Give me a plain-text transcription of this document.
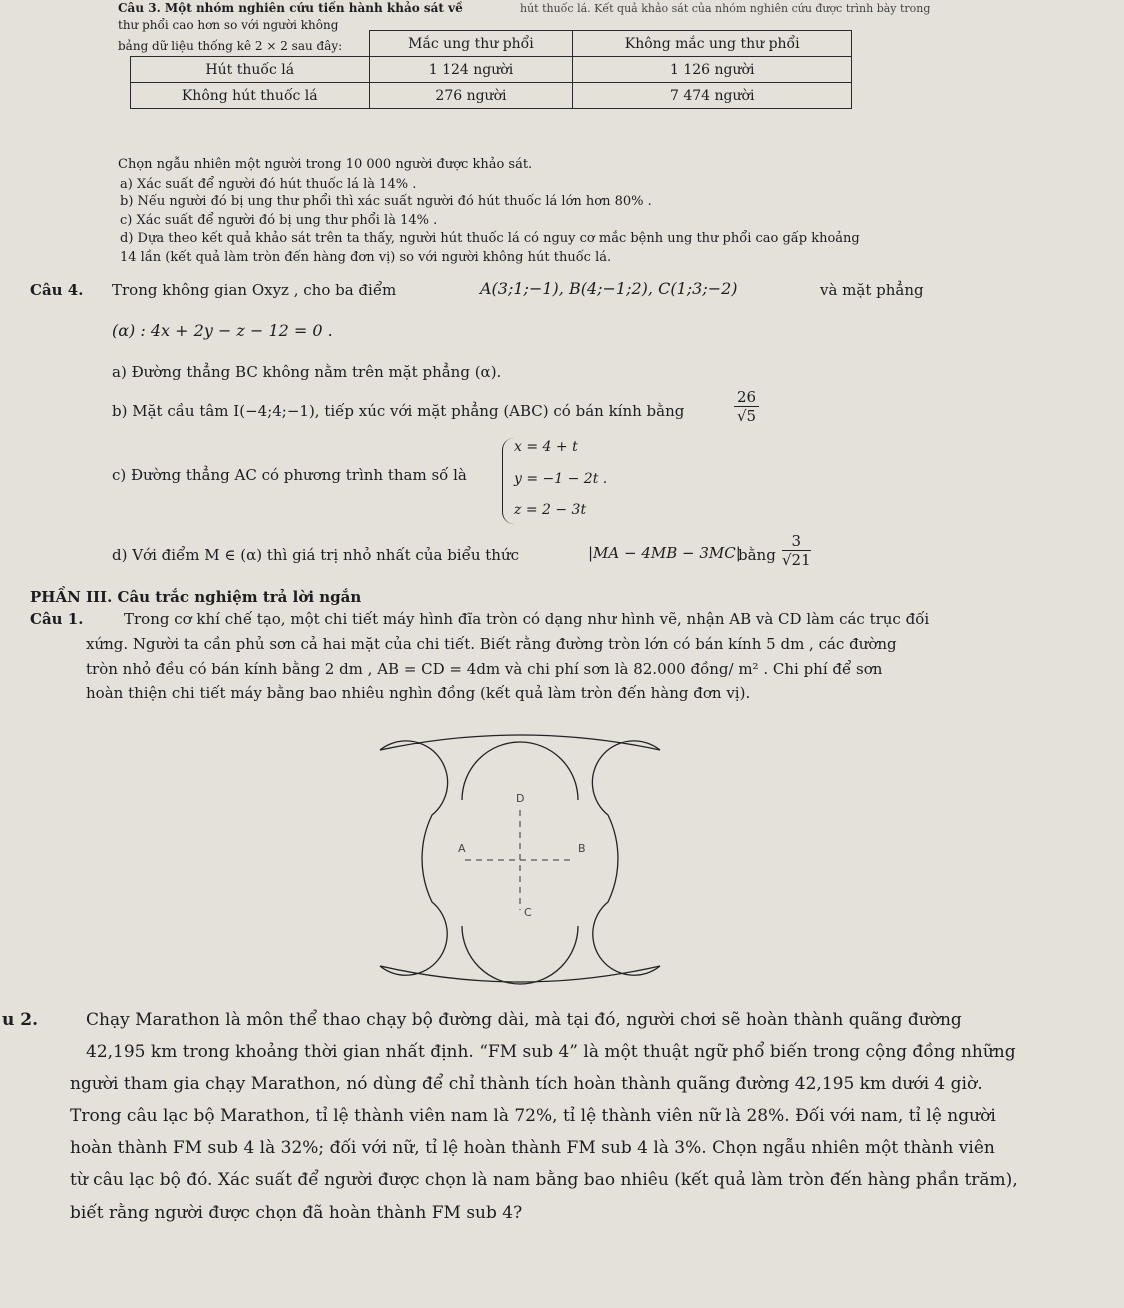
Câu 3. Một nhóm nghiên cứu tiến hành khảo sát về	hút thuốc lá. Kết quả khảo sát của nhóm nghiên cứu được trình bày trong
thư phổi cao hơn so với người không
bảng dữ liệu thống kê 2 × 2 sau đây:
		Mắc ung thư phổi	Không mắc ung thư phổi
Hút thuốc lá	1 124 người	1 126 người
Không hút thuốc lá	276 người	7 474 người
Chọn ngẫu nhiên một người trong 10 000 người được khảo sát.
a) Xác suất để người đó hút thuốc lá là 14% .
b) Nếu người đó bị ung thư phổi thì xác suất người đó hút thuốc lá lớn hơn 80% .
c) Xác suất để người đó bị ung thư phổi là 14% .
d) Dựa theo kết quả khảo sát trên ta thấy, người hút thuốc lá có nguy cơ mắc bệnh ung thư phổi cao gấp khoảng
14 lần (kết quả làm tròn đến hàng đơn vị) so với người không hút thuốc lá.
Câu 4. Trong không gian Oxyz , cho ba điểm	A(3;1;−1), B(4;−1;2), C(1;3;−2)	và mặt phẳng
(α) : 4x + 2y − z − 12 = 0 .
a) Đường thẳng BC không nằm trên mặt phẳng (α).
b) Mặt cầu tâm I(−4;4;−1), tiếp xúc với mặt phẳng (ABC) có bán kính bằng	$\frac{26}{√5}$
c) Đường thẳng AC có phương trình tham số là
x = 4 + t
y = −1 − 2t .
z = 2 − 3t
d) Với điểm M ∈ (α) thì giá trị nhỏ nhất của biểu thức	|MA − 4MB − 3MC|
bằng $\frac{3}{√21}$
PHẦN III. Câu trắc nghiệm trả lời ngắn
Câu 1.	Trong cơ khí chế tạo, một chi tiết máy hình đĩa tròn có dạng như hình vẽ, nhận AB và CD làm các trục đối
xứng. Người ta cần phủ sơn cả hai mặt của chi tiết. Biết rằng đường tròn lớn có bán kính 5 dm , các đường
tròn nhỏ đều có bán kính bằng 2 dm , AB = CD = 4dm và chi phí sơn là 82.000 đồng/ m² . Chi phí để sơn
hoàn thiện chi tiết máy bằng bao nhiêu nghìn đồng (kết quả làm tròn đến hàng đơn vị).
D
A	B
C
u 2.	Chạy Marathon là môn thể thao chạy bộ đường dài, mà tại đó, người chơi sẽ hoàn thành quãng đường
42,195 km trong khoảng thời gian nhất định. “FM sub 4” là một thuật ngữ phổ biến trong cộng đồng những
người tham gia chạy Marathon, nó dùng để chỉ thành tích hoàn thành quãng đường 42,195 km dưới 4 giờ.
Trong câu lạc bộ Marathon, tỉ lệ thành viên nam là 72%, tỉ lệ thành viên nữ là 28%. Đối với nam, tỉ lệ người
hoàn thành FM sub 4 là 32%; đối với nữ, tỉ lệ hoàn thành FM sub 4 là 3%. Chọn ngẫu nhiên một thành viên
từ câu lạc bộ đó. Xác suất để người được chọn là nam bằng bao nhiêu (kết quả làm tròn đến hàng phần trăm),
biết rằng người được chọn đã hoàn thành FM sub 4?
